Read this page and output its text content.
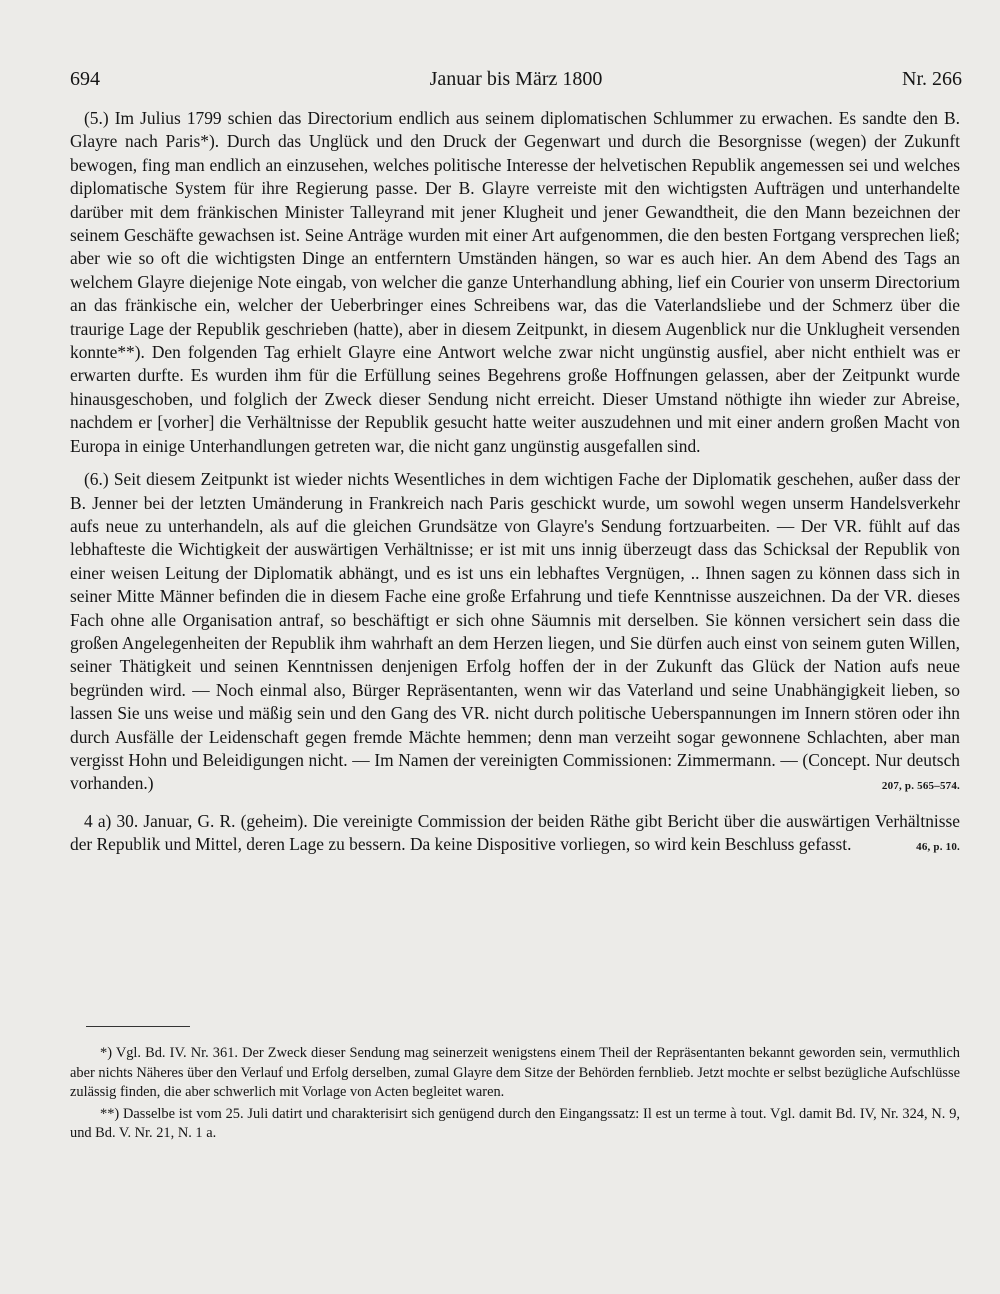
694	Januar bis März 1800	Nr. 266

(5.) Im Julius 1799 schien das Directorium endlich aus seinem diplomatischen Schlummer zu erwachen. Es sandte den B. Glayre nach Paris*). Durch das Unglück und den Druck der Gegenwart und durch die Besorgnisse (wegen) der Zukunft bewogen, fing man endlich an einzusehen, welches politische Interesse der helvetischen Republik angemessen sei und welches diplomatische System für ihre Regierung passe. Der B. Glayre verreiste mit den wichtigsten Aufträgen und unterhandelte darüber mit dem fränkischen Minister Talleyrand mit jener Klugheit und jener Gewandtheit, die den Mann bezeichnen der seinem Geschäfte gewachsen ist. Seine Anträge wurden mit einer Art aufgenommen, die den besten Fortgang versprechen ließ; aber wie so oft die wichtigsten Dinge an entferntern Umständen hängen, so war es auch hier. An dem Abend des Tags an welchem Glayre diejenige Note eingab, von welcher die ganze Unterhandlung abhing, lief ein Courier von unserm Directorium an das fränkische ein, welcher der Ueberbringer eines Schreibens war, das die Vaterlandsliebe und der Schmerz über die traurige Lage der Republik geschrieben (hatte), aber in diesem Zeitpunkt, in diesem Augenblick nur die Unklugheit versenden konnte**). Den folgenden Tag erhielt Glayre eine Antwort welche zwar nicht ungünstig ausfiel, aber nicht enthielt was er erwarten durfte. Es wurden ihm für die Erfüllung seines Begehrens große Hoffnungen gelassen, aber der Zeitpunkt wurde hinausgeschoben, und folglich der Zweck dieser Sendung nicht erreicht. Dieser Umstand nöthigte ihn wieder zur Abreise, nachdem er [vorher] die Verhältnisse der Republik gesucht hatte weiter auszudehnen und mit einer andern großen Macht von Europa in einige Unterhandlungen getreten war, die nicht ganz ungünstig ausgefallen sind.

(6.) Seit diesem Zeitpunkt ist wieder nichts Wesentliches in dem wichtigen Fache der Diplomatik geschehen, außer dass der B. Jenner bei der letzten Umänderung in Frankreich nach Paris geschickt wurde, um sowohl wegen unserm Handelsverkehr aufs neue zu unterhandeln, als auf die gleichen Grundsätze von Glayre's Sendung fortzuarbeiten. — Der VR. fühlt auf das lebhafteste die Wichtigkeit der auswärtigen Verhältnisse; er ist mit uns innig überzeugt dass das Schicksal der Republik von einer weisen Leitung der Diplomatik abhängt, und es ist uns ein lebhaftes Vergnügen, .. Ihnen sagen zu können dass sich in seiner Mitte Männer befinden die in diesem Fache eine große Erfahrung und tiefe Kenntnisse auszeichnen. Da der VR. dieses Fach ohne alle Organisation antraf, so beschäftigt er sich ohne Säumnis mit derselben. Sie können versichert sein dass die großen Angelegenheiten der Republik ihm wahrhaft an dem Herzen liegen, und Sie dürfen auch einst von seinem guten Willen, seiner Thätigkeit und seinen Kenntnissen denjenigen Erfolg hoffen der in der Zukunft das Glück der Nation aufs neue begründen wird. — Noch einmal also, Bürger Repräsentanten, wenn wir das Vaterland und seine Unabhängigkeit lieben, so lassen Sie uns weise und mäßig sein und den Gang des VR. nicht durch politische Ueberspannungen im Innern stören oder ihn durch Ausfälle der Leidenschaft gegen fremde Mächte hemmen; denn man verzeiht sogar gewonnene Schlachten, aber man vergisst Hohn und Beleidigungen nicht. — Im Namen der vereinigten Commissionen: Zimmermann. — (Concept. Nur deutsch vorhanden.)	207, p. 565–574.

4 a) 30. Januar, G. R. (geheim). Die vereinigte Commission der beiden Räthe gibt Bericht über die auswärtigen Verhältnisse der Republik und Mittel, deren Lage zu bessern. Da keine Dispositive vorliegen, so wird kein Beschluss gefasst.	46, p. 10.

*) Vgl. Bd. IV. Nr. 361. Der Zweck dieser Sendung mag seinerzeit wenigstens einem Theil der Repräsentanten bekannt geworden sein, vermuthlich aber nichts Näheres über den Verlauf und Erfolg derselben, zumal Glayre dem Sitze der Behörden fernblieb. Jetzt mochte er selbst bezügliche Aufschlüsse zulässig finden, die aber schwerlich mit Vorlage von Acten begleitet waren.

**) Dasselbe ist vom 25. Juli datirt und charakterisirt sich genügend durch den Eingangssatz: Il est un terme à tout. Vgl. damit Bd. IV, Nr. 324, N. 9, und Bd. V. Nr. 21, N. 1 a.
